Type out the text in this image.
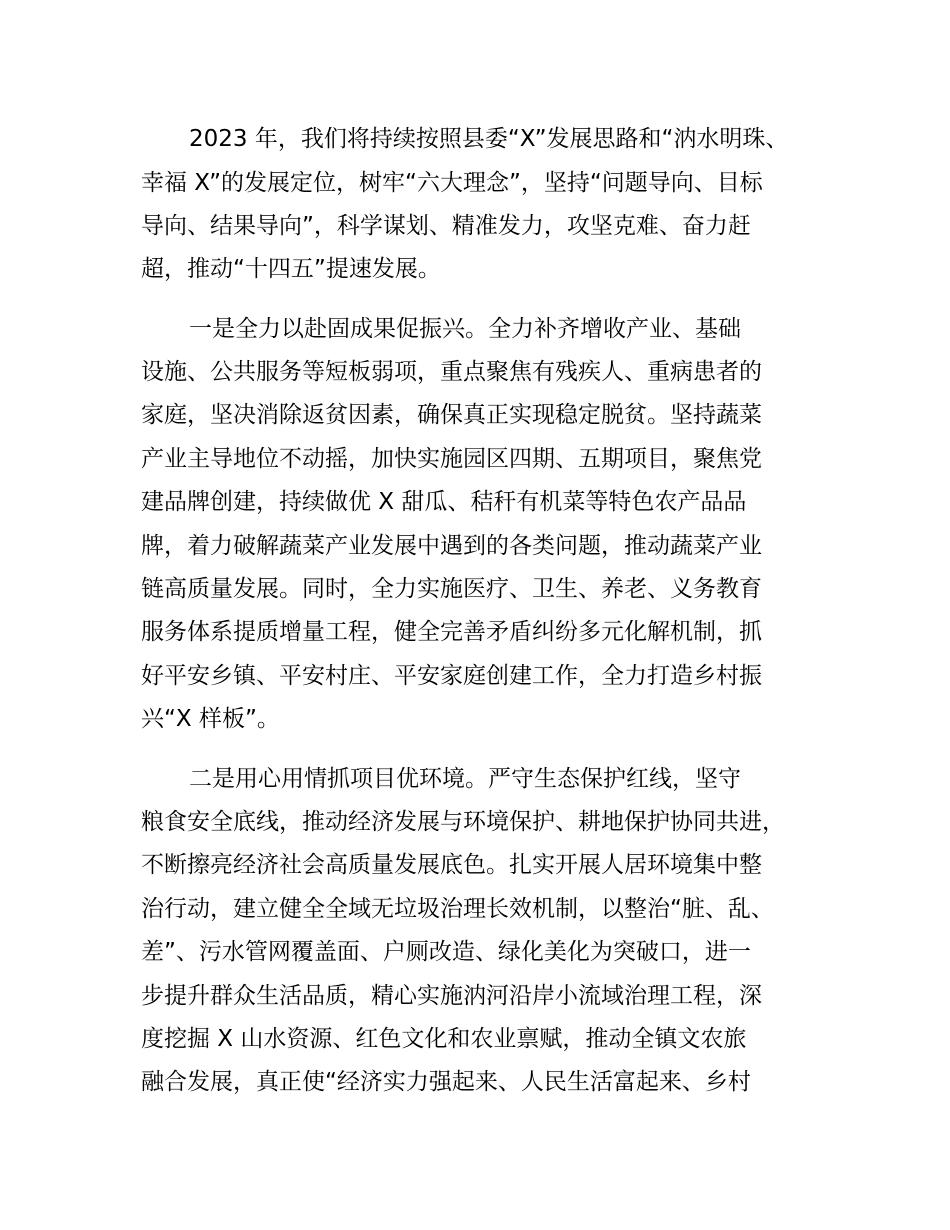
2023 年，我们将持续按照县委“X”发展思路和“汭水明珠、

幸福 X”的发展定位，树牢“六大理念”，坚持“问题导向、目标

导向、结果导向”，科学谋划、精准发力，攻坚克难、奋力赶

超，推动“十四五”提速发展。

一是全力以赴固成果促振兴。全力补齐增收产业、基础

设施、公共服务等短板弱项，重点聚焦有残疾人、重病患者的

家庭，坚决消除返贫因素，确保真正实现稳定脱贫。坚持蔬菜

产业主导地位不动摇，加快实施园区四期、五期项目，聚焦党

建品牌创建，持续做优 X 甜瓜、秸秆有机菜等特色农产品品

牌，着力破解蔬菜产业发展中遇到的各类问题，推动蔬菜产业

链高质量发展。同时，全力实施医疗、卫生、养老、义务教育

服务体系提质增量工程，健全完善矛盾纠纷多元化解机制，抓

好平安乡镇、平安村庄、平安家庭创建工作，全力打造乡村振

兴“X 样板”。

二是用心用情抓项目优环境。严守生态保护红线，坚守

粮食安全底线，推动经济发展与环境保护、耕地保护协同共进，

不断擦亮经济社会高质量发展底色。扎实开展人居环境集中整

治行动，建立健全全域无垃圾治理长效机制，以整治“脏、乱、

差”、污水管网覆盖面、户厕改造、绿化美化为突破口，进一

步提升群众生活品质，精心实施汭河沿岸小流域治理工程，深

度挖掘 X 山水资源、红色文化和农业禀赋，推动全镇文农旅

融合发展，真正使“经济实力强起来、人民生活富起来、乡村
